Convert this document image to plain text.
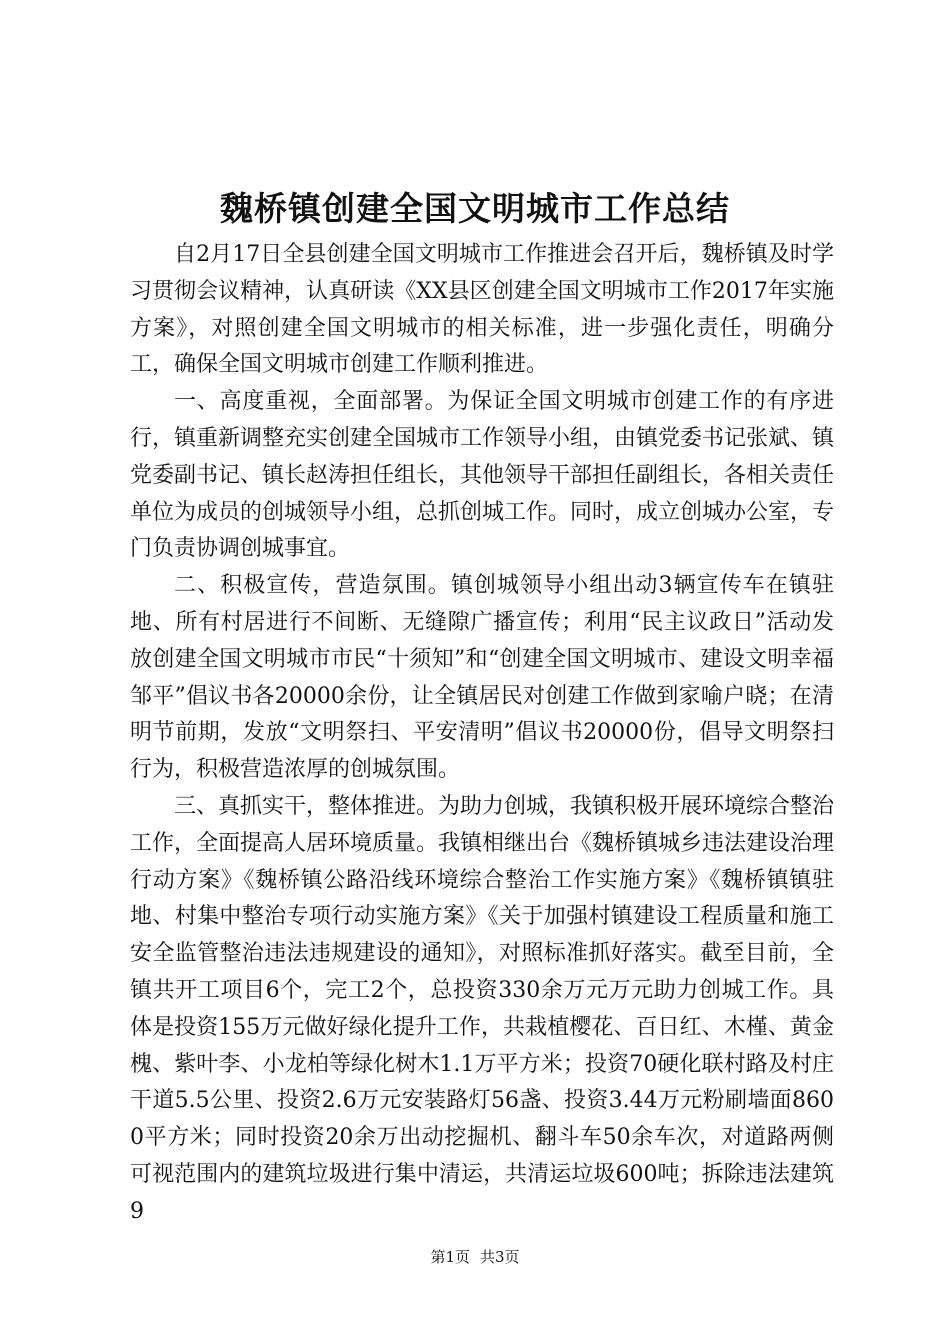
魏桥镇创建全国文明城市工作总结

自2月17日全县创建全国文明城市工作推进会召开后，魏桥镇及时学习贯彻会议精神，认真研读《XX县区创建全国文明城市工作2017年实施方案》，对照创建全国文明城市的相关标准，进一步强化责任，明确分工，确保全国文明城市创建工作顺利推进。

一、高度重视，全面部署。为保证全国文明城市创建工作的有序进行，镇重新调整充实创建全国城市工作领导小组，由镇党委书记张斌、镇党委副书记、镇长赵涛担任组长，其他领导干部担任副组长，各相关责任单位为成员的创城领导小组，总抓创城工作。同时，成立创城办公室，专门负责协调创城事宜。

二、积极宣传，营造氛围。镇创城领导小组出动3辆宣传车在镇驻地、所有村居进行不间断、无缝隙广播宣传；利用“民主议政日”活动发放创建全国文明城市市民“十须知”和“创建全国文明城市、建设文明幸福邹平”倡议书各20000余份，让全镇居民对创建工作做到家喻户晓；在清明节前期，发放“文明祭扫、平安清明”倡议书20000份，倡导文明祭扫行为，积极营造浓厚的创城氛围。

三、真抓实干，整体推进。为助力创城，我镇积极开展环境综合整治工作，全面提高人居环境质量。我镇相继出台《魏桥镇城乡违法建设治理行动方案》《魏桥镇公路沿线环境综合整治工作实施方案》《魏桥镇镇驻地、村集中整治专项行动实施方案》《关于加强村镇建设工程质量和施工安全监管整治违法违规建设的通知》，对照标准抓好落实。截至目前，全镇共开工项目6个，完工2个，总投资330余万元万元助力创城工作。具体是投资155万元做好绿化提升工作，共栽植樱花、百日红、木槿、黄金槐、紫叶李、小龙柏等绿化树木1.1万平方米；投资70硬化联村路及村庄干道5.5公里、投资2.6万元安装路灯56盏、投资3.44万元粉刷墙面8600平方米；同时投资20余万出动挖掘机、翻斗车50余车次，对道路两侧可视范围内的建筑垃圾进行集中清运，共清运垃圾600吨；拆除违法建筑9

第1页 共3页
